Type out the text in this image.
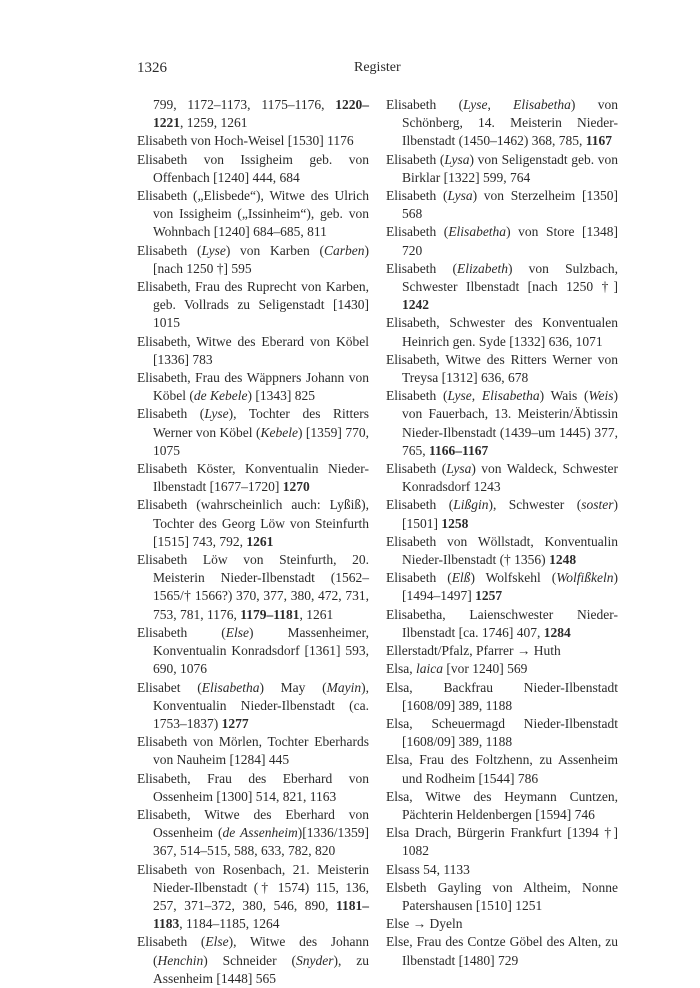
1326	Register

799, 1172–1173, 1175–1176, 1220–1221, 1259, 1261

Elisabeth von Hoch-Weisel [1530] 1176

Elisabeth von Issigheim geb. von Offenbach [1240] 444, 684

Elisabeth („Elisbede“), Witwe des Ulrich von Issigheim („Issinheim“), geb. von Wohnbach [1240] 684–685, 811

Elisabeth (Lyse) von Karben (Carben) [nach 1250 †] 595

Elisabeth, Frau des Ruprecht von Karben, geb. Vollrads zu Seligenstadt [1430] 1015

Elisabeth, Witwe des Eberard von Köbel [1336] 783

Elisabeth, Frau des Wäppners Johann von Köbel (de Kebele) [1343] 825

Elisabeth (Lyse), Tochter des Ritters Werner von Köbel (Kebele) [1359] 770, 1075

Elisabeth Köster, Konventualin Nieder-Ilbenstadt [1677–1720] 1270

Elisabeth (wahrscheinlich auch: Lyßiß), Tochter des Georg Löw von Steinfurth [1515] 743, 792, 1261

Elisabeth Löw von Steinfurth, 20. Meisterin Nieder-Ilbenstadt (1562–1565/† 1566?) 370, 377, 380, 472, 731, 753, 781, 1176, 1179–1181, 1261

Elisabeth (Else) Massenheimer, Konventualin Konradsdorf [1361] 593, 690, 1076

Elisabet (Elisabetha) May (Mayin), Konventualin Nieder-Ilbenstadt (ca. 1753–1837) 1277

Elisabeth von Mörlen, Tochter Eberhards von Nauheim [1284] 445

Elisabeth, Frau des Eberhard von Ossenheim [1300] 514, 821, 1163

Elisabeth, Witwe des Eberhard von Ossenheim (de Assenheim)[1336/1359] 367, 514–515, 588, 633, 782, 820

Elisabeth von Rosenbach, 21. Meisterin Nieder-Ilbenstadt († 1574) 115, 136, 257, 371–372, 380, 546, 890, 1181–1183, 1184–1185, 1264

Elisabeth (Else), Witwe des Johann (Henchin) Schneider (Snyder), zu Assenheim [1448] 565

Elisabeth (Lyse, Elisabetha) von Schönberg, 14. Meisterin Nieder-Ilbenstadt (1450–1462) 368, 785, 1167

Elisabeth (Lysa) von Seligenstadt geb. von Birklar [1322] 599, 764

Elisabeth (Lysa) von Sterzelheim [1350] 568

Elisabeth (Elisabetha) von Store [1348] 720

Elisabeth (Elizabeth) von Sulzbach, Schwester Ilbenstadt [nach 1250 †] 1242

Elisabeth, Schwester des Konventualen Heinrich gen. Syde [1332] 636, 1071

Elisabeth, Witwe des Ritters Werner von Treysa [1312] 636, 678

Elisabeth (Lyse, Elisabetha) Wais (Weis) von Fauerbach, 13. Meisterin/Äbtissin Nieder-Ilbenstadt (1439–um 1445) 377, 765, 1166–1167

Elisabeth (Lysa) von Waldeck, Schwester Konradsdorf 1243

Elisabeth (Lißgin), Schwester (soster) [1501] 1258

Elisabeth von Wöllstadt, Konventualin Nieder-Ilbenstadt († 1356) 1248

Elisabeth (Elß) Wolfskehl (Wolfißkeln) [1494–1497] 1257

Elisabetha, Laienschwester Nieder-Ilbenstadt [ca. 1746] 407, 1284

Ellerstadt/Pfalz, Pfarrer → Huth

Elsa, laica [vor 1240] 569

Elsa, Backfrau Nieder-Ilbenstadt [1608/09] 389, 1188

Elsa, Scheuermagd Nieder-Ilbenstadt [1608/09] 389, 1188

Elsa, Frau des Foltzhenn, zu Assenheim und Rodheim [1544] 786

Elsa, Witwe des Heymann Cuntzen, Pächterin Heldenbergen [1594] 746

Elsa Drach, Bürgerin Frankfurt [1394 †] 1082

Elsass 54, 1133

Elsbeth Gayling von Altheim, Nonne Patershausen [1510] 1251

Else → Dyeln

Else, Frau des Contze Göbel des Alten, zu Ilbenstadt [1480] 729
